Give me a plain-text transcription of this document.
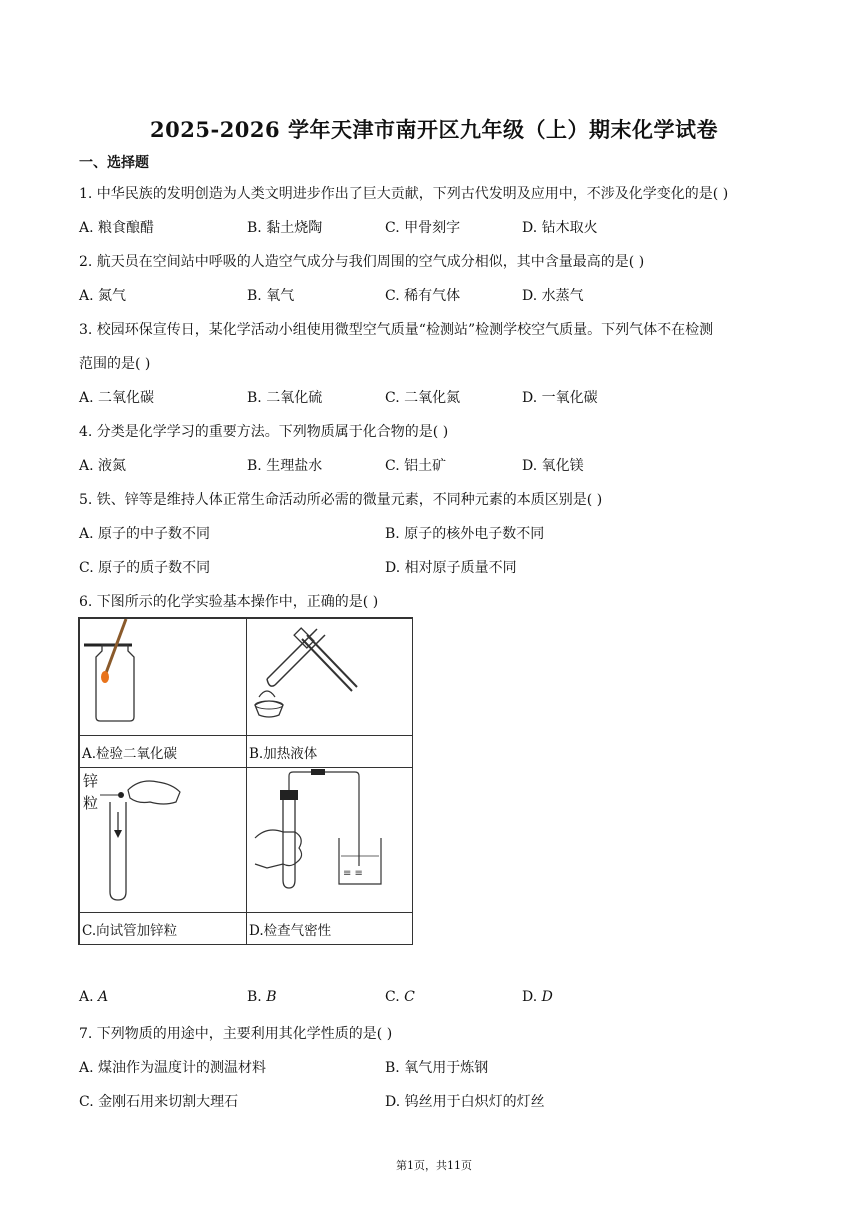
2025-2026 学年天津市南开区九年级（上）期末化学试卷
一、选择题
1. 中华民族的发明创造为人类文明进步作出了巨大贡献，下列古代发明及应用中，不涉及化学变化的是( )
A. 粮食酿醋	B. 黏土烧陶	C. 甲骨刻字	D. 钻木取火
2. 航天员在空间站中呼吸的人造空气成分与我们周围的空气成分相似，其中含量最高的是( )
A. 氮气	B. 氧气	C. 稀有气体	D. 水蒸气
3. 校园环保宣传日，某化学活动小组使用微型空气质量“检测站”检测学校空气质量。下列气体不在检测
范围的是( )
A. 二氧化碳	B. 二氧化硫	C. 二氧化氮	D. 一氧化碳
4. 分类是化学学习的重要方法。下列物质属于化合物的是( )
A. 液氮	B. 生理盐水	C. 铝土矿	D. 氧化镁
5. 铁、锌等是维持人体正常生命活动所必需的微量元素，不同种元素的本质区别是( )
A. 原子的中子数不同	B. 原子的核外电子数不同
C. 原子的质子数不同	D. 相对原子质量不同
6. 下图所示的化学实验基本操作中，正确的是( )
A.检验二氧化碳	B.加热液体
锌
粒
≡ ≡
C.向试管加锌粒	D.检查气密性
A. 𝐴	B. 𝐵	C. 𝐶	D. 𝐷
7. 下列物质的用途中，主要利用其化学性质的是( )
A. 煤油作为温度计的测温材料	B. 氧气用于炼钢
C. 金刚石用来切割大理石	D. 钨丝用于白炽灯的灯丝
第1页，共11页
